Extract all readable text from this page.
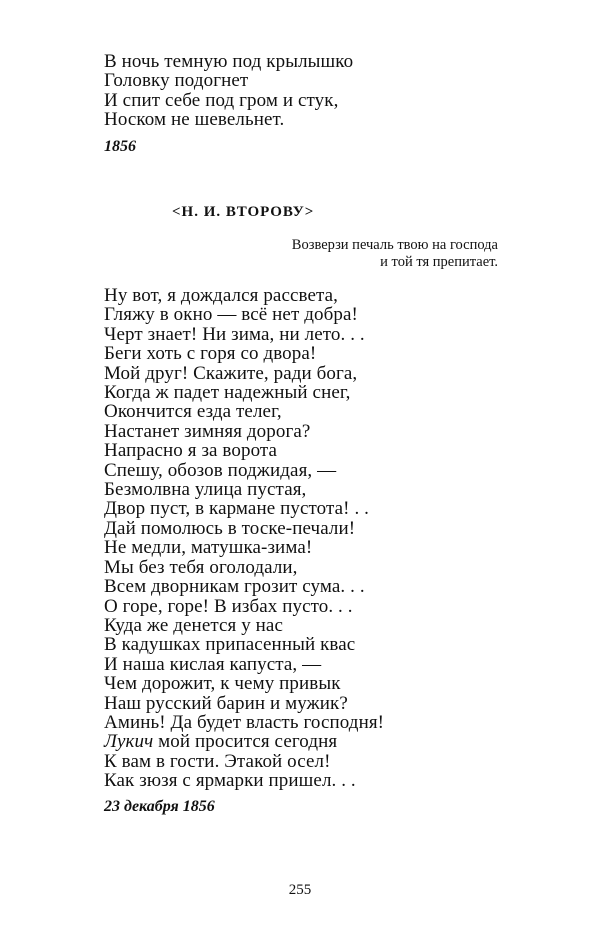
В ночь темную под крылышко
Головку подогнет
И спит себе под гром и стук,
Носком не шевельнет.
1856
<Н. И. ВТОРОВУ>
Возверзи печаль твою на господа
и той тя препитает.
Ну вот, я дождался рассвета,
Гляжу в окно — всё нет добра!
Черт знает! Ни зима, ни лето. . .
Беги хоть с горя со двора!
Мой друг! Скажите, ради бога,
Когда ж падет надежный снег,
Окончится езда телег,
Настанет зимняя дорога?
Напрасно я за ворота
Спешу, обозов поджидая, —
Безмолвна улица пустая,
Двор пуст, в кармане пустота! . .
Дай помолюсь в тоске-печали!
Не медли, матушка-зима!
Мы без тебя оголодали,
Всем дворникам грозит сума. . .
О горе, горе! В избах пусто. . .
Куда же денется у нас
В кадушках припасенный квас
И наша кислая капуста, —
Чем дорожит, к чему привык
Наш русский барин и мужик?
Аминь! Да будет власть господня!
Лукич мой просится сегодня
К вам в гости. Этакой осел!
Как зюзя с ярмарки пришел. . .
23 декабря 1856
255
